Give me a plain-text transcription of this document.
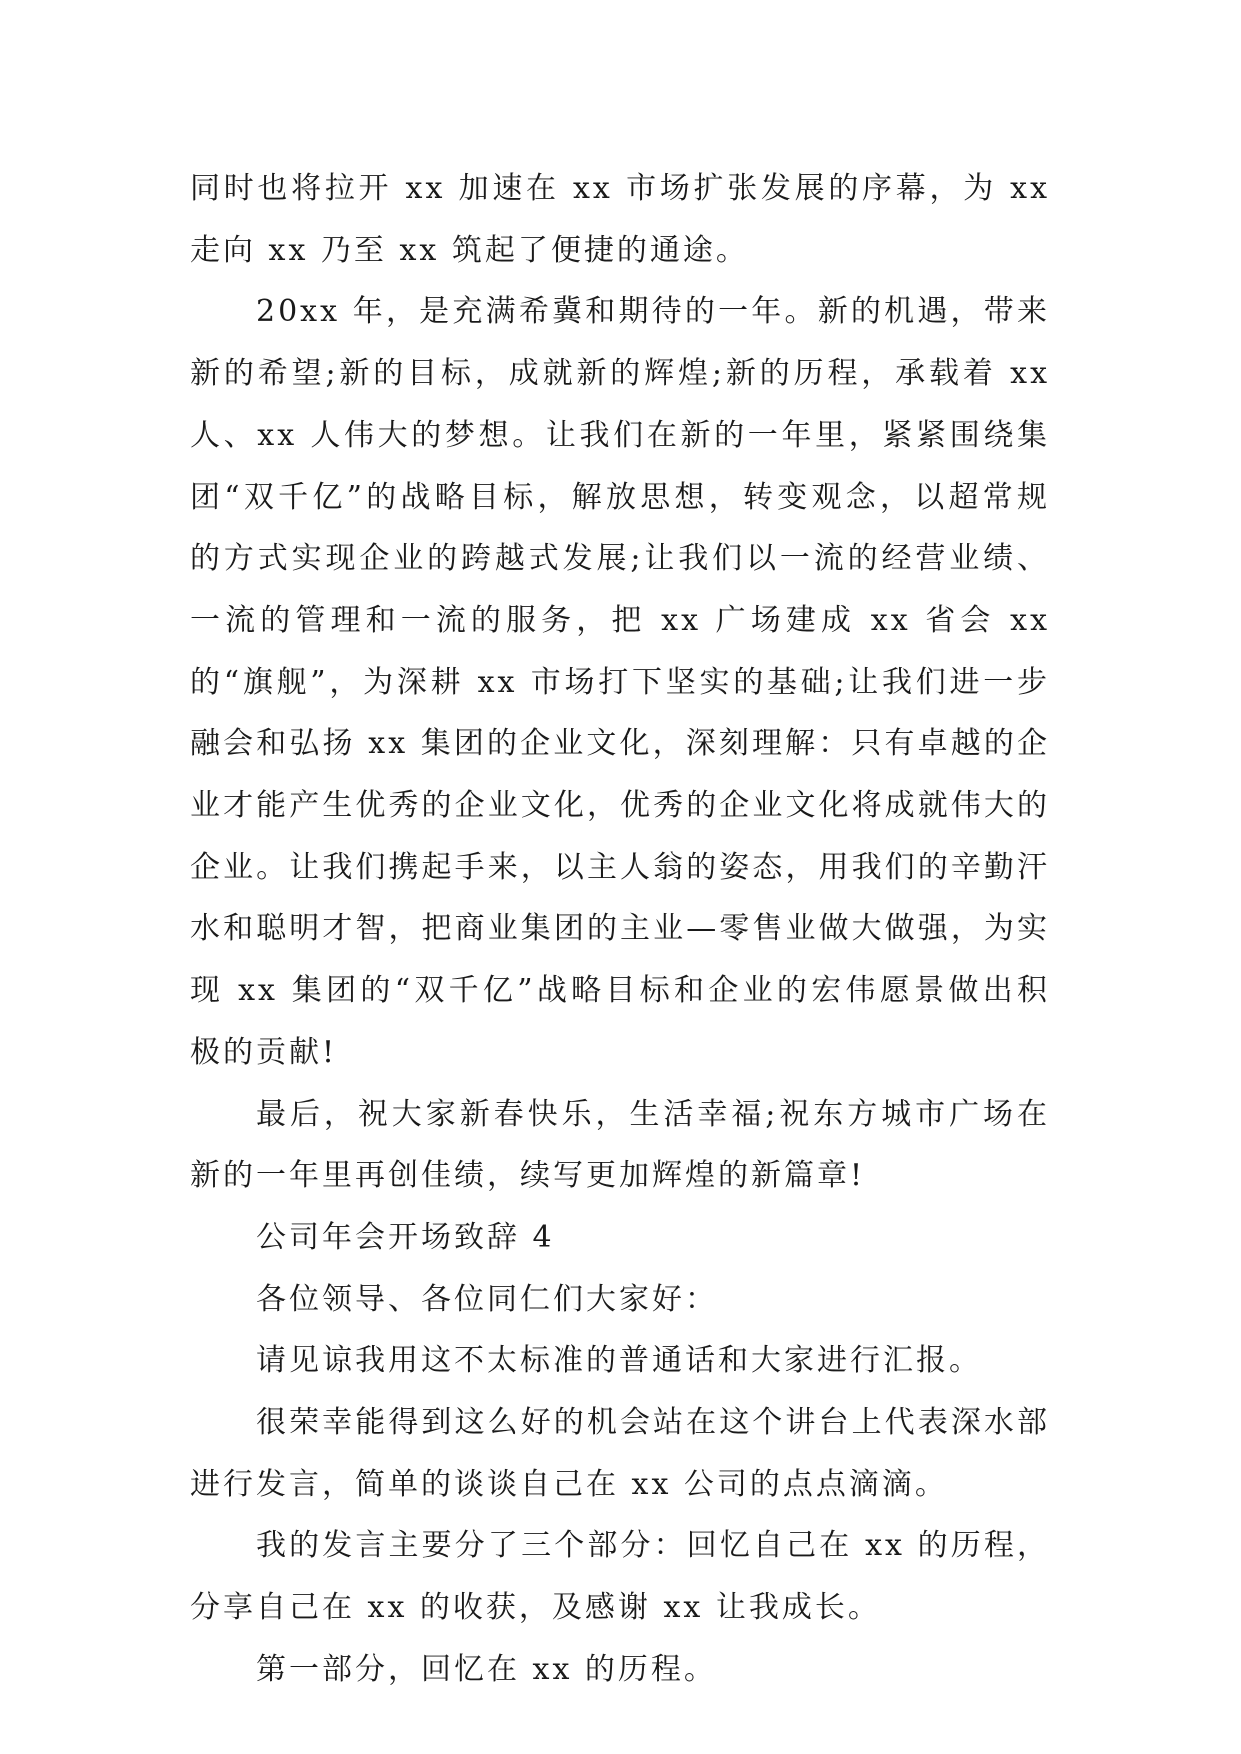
同时也将拉开 xx 加速在 xx 市场扩张发展的序幕，为 xx 走向 xx 乃至 xx 筑起了便捷的通途。

20xx 年，是充满希冀和期待的一年。新的机遇，带来新的希望;新的目标，成就新的辉煌;新的历程，承载着 xx 人、xx 人伟大的梦想。让我们在新的一年里，紧紧围绕集团“双千亿”的战略目标，解放思想，转变观念，以超常规的方式实现企业的跨越式发展;让我们以一流的经营业绩、一流的管理和一流的服务，把 xx 广场建成 xx 省会 xx 的“旗舰”，为深耕 xx 市场打下坚实的基础;让我们进一步融会和弘扬 xx 集团的企业文化，深刻理解：只有卓越的企业才能产生优秀的企业文化，优秀的企业文化将成就伟大的企业。让我们携起手来，以主人翁的姿态，用我们的辛勤汗水和聪明才智，把商业集团的主业—零售业做大做强，为实现 xx 集团的“双千亿”战略目标和企业的宏伟愿景做出积极的贡献!

最后，祝大家新春快乐，生活幸福;祝东方城市广场在新的一年里再创佳绩，续写更加辉煌的新篇章!

公司年会开场致辞 4

各位领导、各位同仁们大家好：

请见谅我用这不太标准的普通话和大家进行汇报。

很荣幸能得到这么好的机会站在这个讲台上代表深水部进行发言，简单的谈谈自己在 xx 公司的点点滴滴。

我的发言主要分了三个部分：回忆自己在 xx 的历程，分享自己在 xx 的收获，及感谢 xx 让我成长。

第一部分，回忆在 xx 的历程。
